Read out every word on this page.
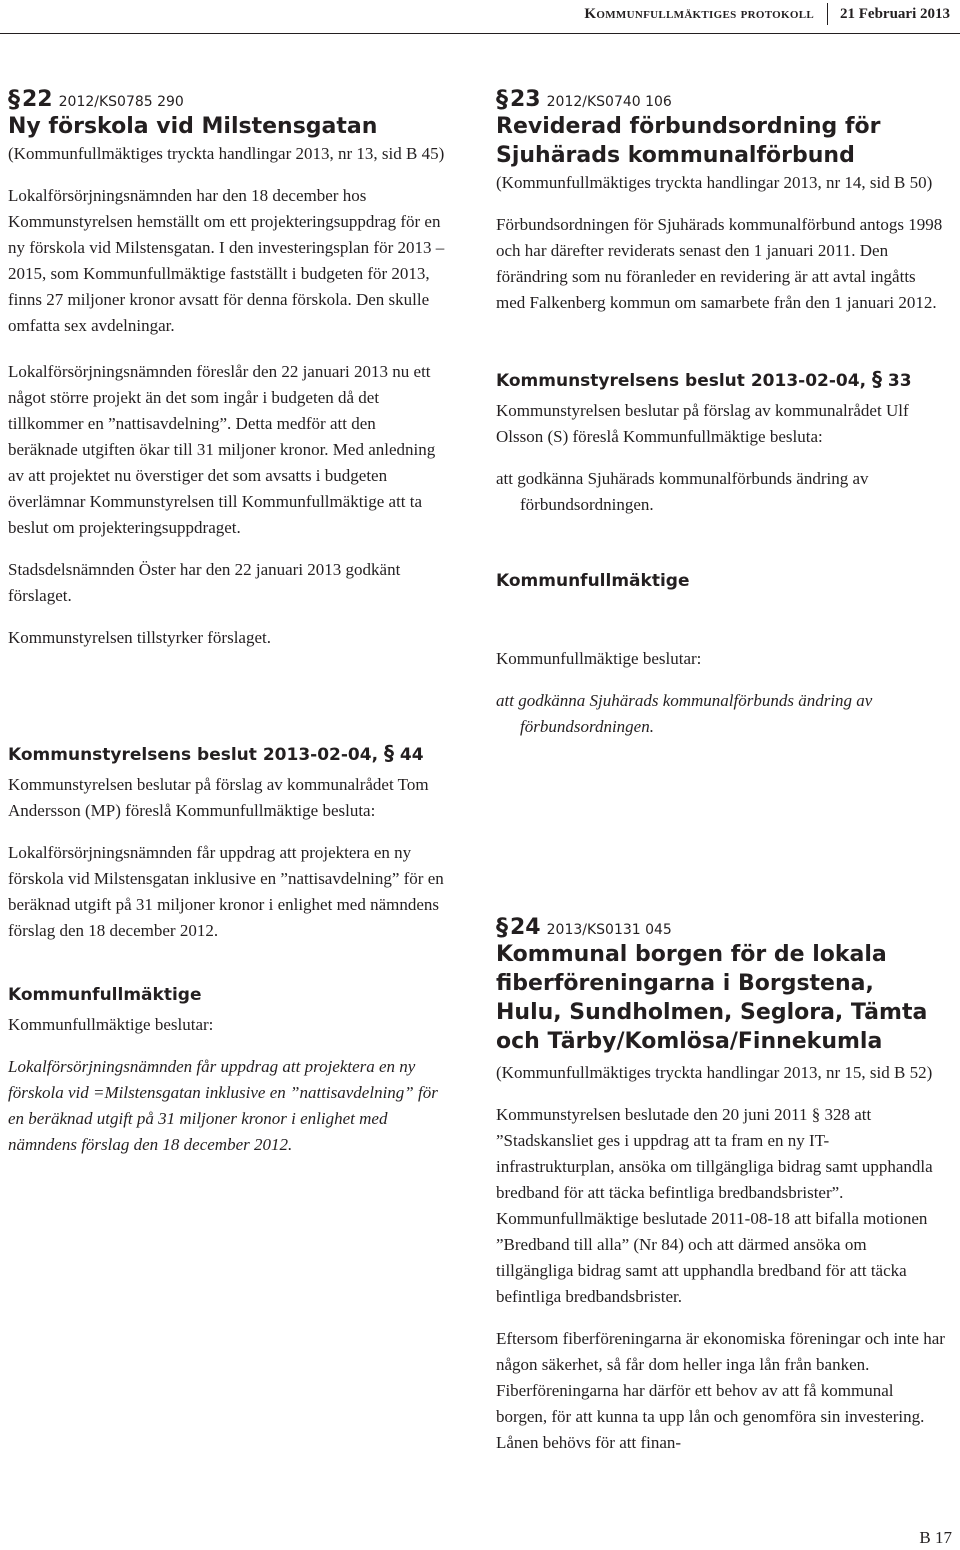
Kommunfullmäktiges protokoll 21 Februari 2013
§22 2012/KS0785 290
Ny förskola vid Milstensgatan

(Kommunfullmäktiges tryckta handlingar 2013, nr 13, sid B 45)

Lokalförsörjningsnämnden har den 18 december hos Kommunstyrelsen hemställt om ett projekteringsuppdrag för en ny förskola vid Milstensgatan. I den investeringsplan för 2013 – 2015, som Kommunfullmäktige fastställt i budgeten för 2013, finns 27 miljoner kronor avsatt för denna förskola. Den skulle omfatta sex avdelningar.

Lokalförsörjningsnämnden föreslår den 22 januari 2013 nu ett något större projekt än det som ingår i budgeten då det tillkommer en ”nattisavdelning”. Detta medför att den beräknade utgiften ökar till 31 miljoner kronor. Med anledning av att projektet nu överstiger det som avsatts i budgeten överlämnar Kommunstyrelsen till Kommunfullmäktige att ta beslut om projekteringsuppdraget.

Stadsdelsnämnden Öster har den 22 januari 2013 godkänt förslaget.

Kommunstyrelsen tillstyrker förslaget.

Kommunstyrelsens beslut 2013-02-04, § 44

Kommunstyrelsen beslutar på förslag av kommunalrådet Tom Andersson (MP) föreslå Kommunfullmäktige besluta:

Lokalförsörjningsnämnden får uppdrag att projektera en ny förskola vid Milstensgatan inklusive en ”nattisavdelning” för en beräknad utgift på 31 miljoner kronor i enlighet med nämndens förslag den 18 december 2012.

Kommunfullmäktige

Kommunfullmäktige beslutar:

Lokalförsörjningsnämnden får uppdrag att projektera en ny förskola vid =Milstensgatan inklusive en ”nattisavdelning” för en beräknad utgift på 31 miljoner kronor i enlighet med nämndens förslag den 18 december 2012.

§23 2012/KS0740 106
Reviderad förbundsordning för Sjuhärads kommunalförbund

(Kommunfullmäktiges tryckta handlingar 2013, nr 14, sid B 50)

Förbundsordningen för Sjuhärads kommunalförbund antogs 1998 och har därefter reviderats senast den 1 januari 2011. Den förändring som nu föranleder en revidering är att avtal ingåtts med Falkenberg kommun om samarbete från den 1 januari 2012.

Kommunstyrelsens beslut 2013-02-04, § 33

Kommunstyrelsen beslutar på förslag av kommunalrådet Ulf Olsson (S) föreslå Kommunfullmäktige besluta:

att godkänna Sjuhärads kommunalförbunds ändring av förbundsordningen.

Kommunfullmäktige

Kommunfullmäktige beslutar:

att godkänna Sjuhärads kommunalförbunds ändring av förbundsordningen.

§24 2013/KS0131 045
Kommunal borgen för de lokala fiberföreningarna i Borgstena, Hulu, Sundholmen, Seglora, Tämta och Tärby/Komlösa/Finnekumla

(Kommunfullmäktiges tryckta handlingar 2013, nr 15, sid B 52)

Kommunstyrelsen beslutade den 20 juni 2011 § 328 att ”Stadskansliet ges i uppdrag att ta fram en ny IT-infrastrukturplan, ansöka om tillgängliga bidrag samt upphandla bredband för att täcka befintliga bredbandsbrister”. Kommunfullmäktige beslutade 2011-08-18 att bifalla motionen ”Bredband till alla” (Nr 84) och att därmed ansöka om tillgängliga bidrag samt att upphandla bredband för att täcka befintliga bredbandsbrister.

Eftersom fiberföreningarna är ekonomiska föreningar och inte har någon säkerhet, så får dom heller inga lån från banken. Fiberföreningarna har därför ett behov av att få kommunal borgen, för att kunna ta upp lån och genomföra sin investering. Lånen behövs för att finan-

B 17
